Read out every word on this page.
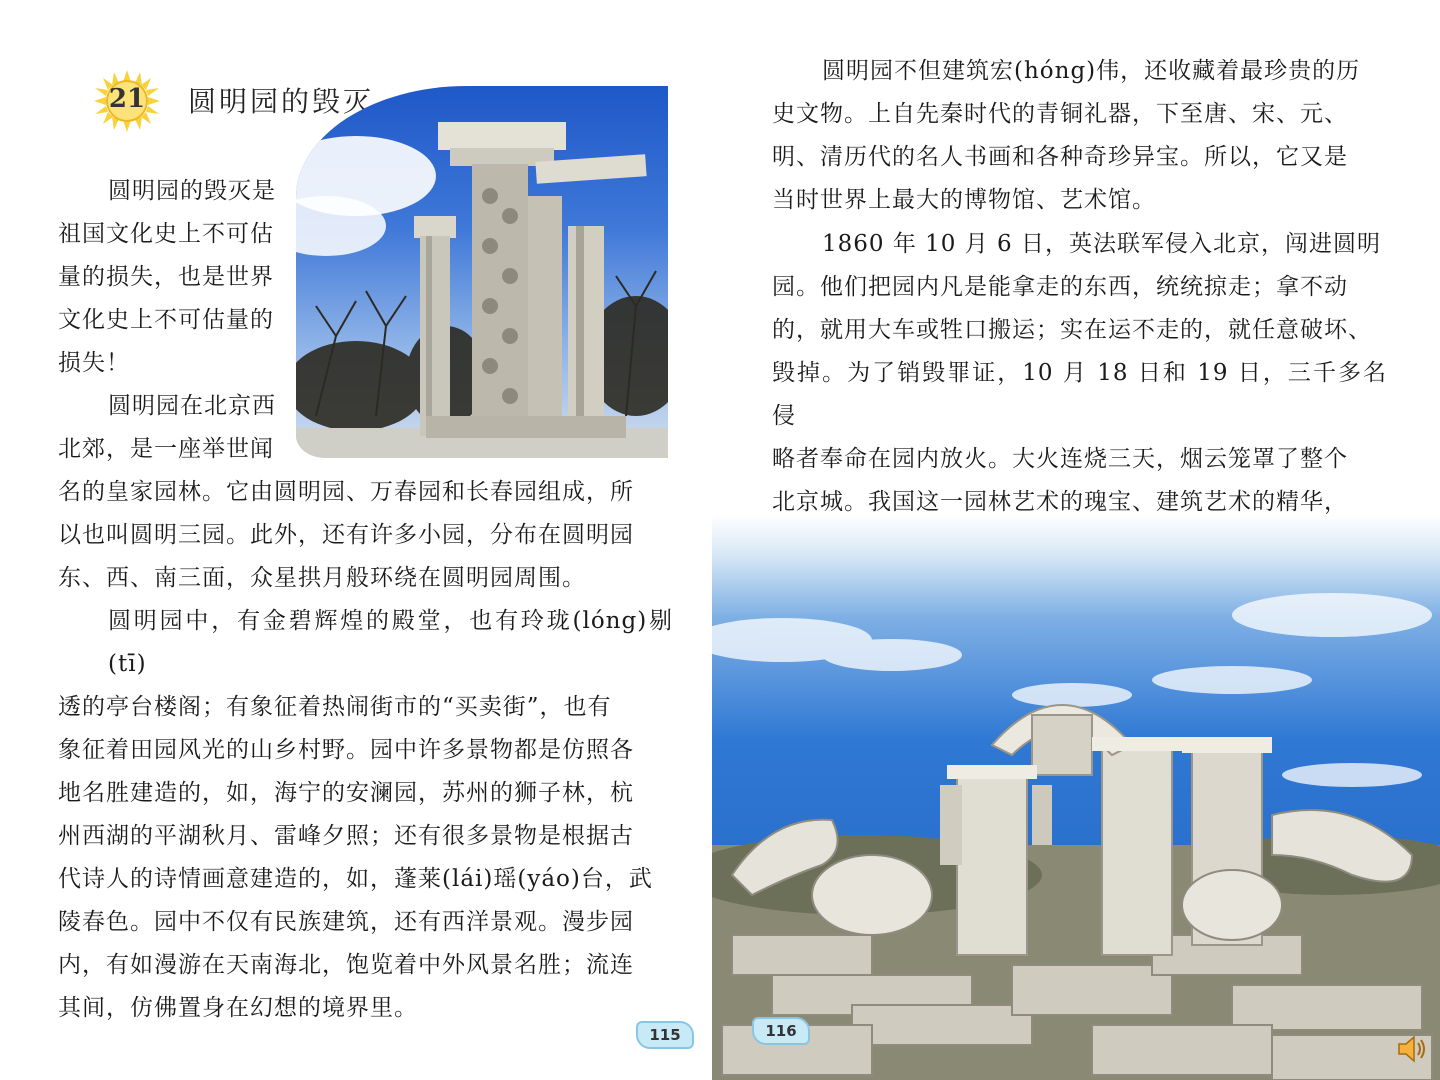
21	圆明园的毁灭
圆明园的毁灭是
祖国文化史上不可估
量的损失，也是世界
文化史上不可估量的
损失！
圆明园在北京西
北郊，是一座举世闻
名的皇家园林。它由圆明园、万春园和长春园组成，所
以也叫圆明三园。此外，还有许多小园，分布在圆明园
东、西、南三面，众星拱月般环绕在圆明园周围。
圆明园中，有金碧辉煌的殿堂，也有玲珑(lóng)剔(tī)
透的亭台楼阁；有象征着热闹街市的“买卖街”，也有
象征着田园风光的山乡村野。园中许多景物都是仿照各
地名胜建造的，如，海宁的安澜园，苏州的狮子林，杭
州西湖的平湖秋月、雷峰夕照；还有很多景物是根据古
代诗人的诗情画意建造的，如，蓬莱(lái)瑶(yáo)台，武
陵春色。园中不仅有民族建筑，还有西洋景观。漫步园
内，有如漫游在天南海北，饱览着中外风景名胜；流连
其间，仿佛置身在幻想的境界里。
圆明园不但建筑宏(hóng)伟，还收藏着最珍贵的历
史文物。上自先秦时代的青铜礼器，下至唐、宋、元、
明、清历代的名人书画和各种奇珍异宝。所以，它又是
当时世界上最大的博物馆、艺术馆。
1860 年 10 月 6 日，英法联军侵入北京，闯进圆明
园。他们把园内凡是能拿走的东西，统统掠走；拿不动
的，就用大车或牲口搬运；实在运不走的，就任意破坏、
毁掉。为了销毁罪证，10 月 18 日和 19 日，三千多名侵
略者奉命在园内放火。大火连烧三天，烟云笼罩了整个
北京城。我国这一园林艺术的瑰宝、建筑艺术的精华，
115	116
